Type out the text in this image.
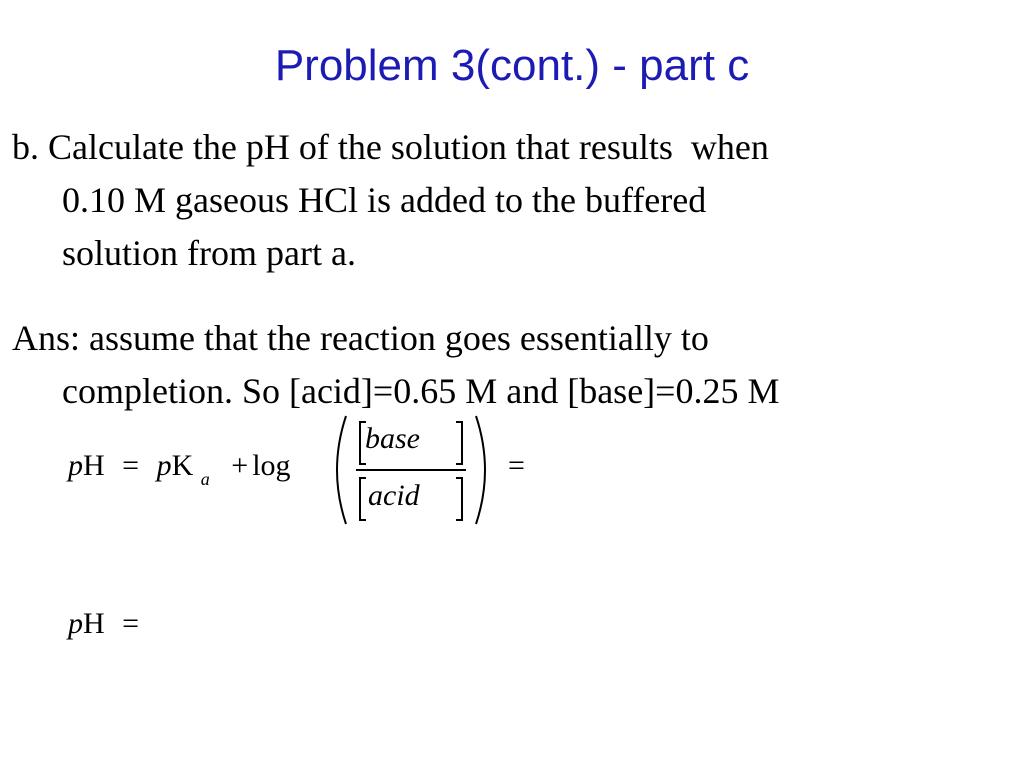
Problem 3(cont.) - part c
b. Calculate the pH of the solution that results  when
0.10 M gaseous HCl is added to the buffered
solution from part a.
Ans: assume that the reaction goes essentially to
completion. So [acid]=0.65 M and [base]=0.25 M
pH = pK $_a$ + log
base
acid
=
pH =
